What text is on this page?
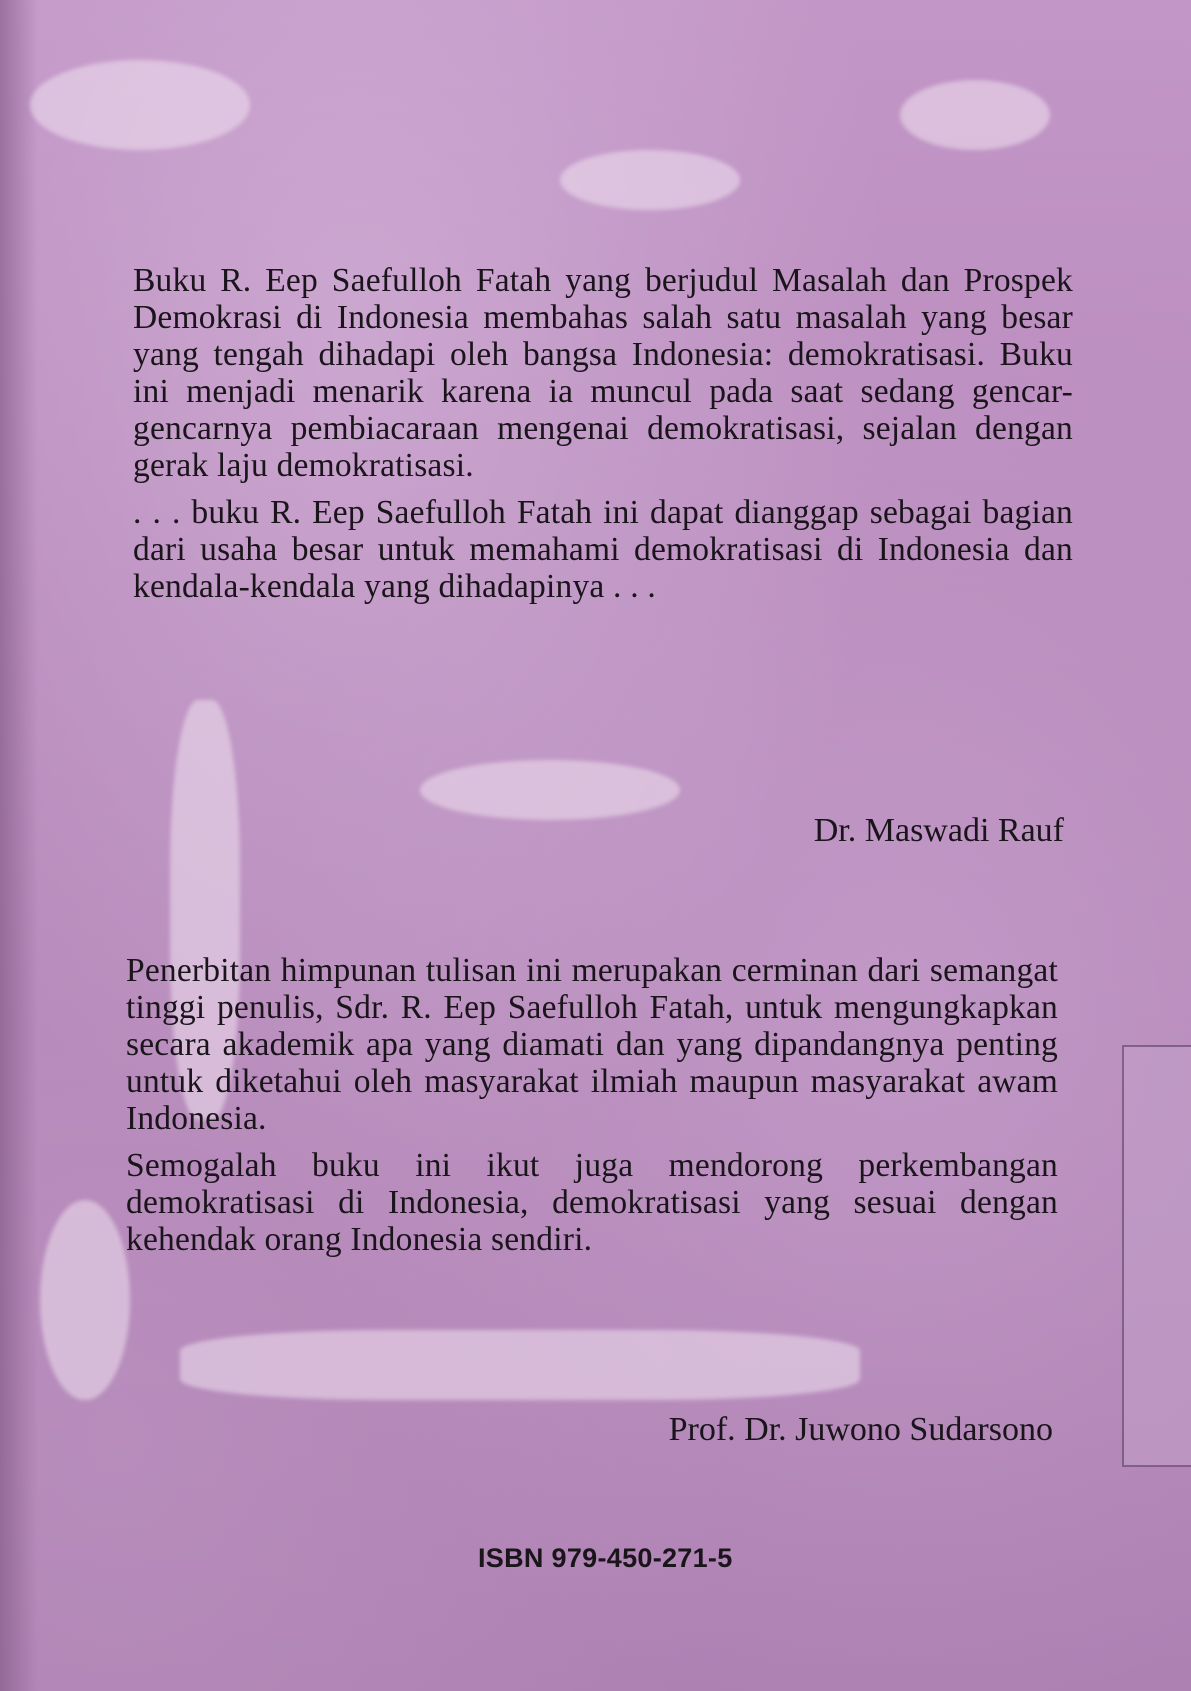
Buku R. Eep Saefulloh Fatah yang berjudul Masalah dan Prospek Demokrasi di Indonesia membahas salah satu masalah yang besar yang tengah dihadapi oleh bangsa Indonesia: demokratisasi. Buku ini menjadi menarik karena ia muncul pada saat sedang gencar-gencarnya pembiacaraan mengenai demokratisasi, sejalan dengan gerak laju demokratisasi.

. . . buku R. Eep Saefulloh Fatah ini dapat dianggap sebagai bagian dari usaha besar untuk memahami demokratisasi di Indonesia dan kendala-kendala yang dihadapinya . . .

Dr. Maswadi Rauf

Penerbitan himpunan tulisan ini merupakan cerminan dari semangat tinggi penulis, Sdr. R. Eep Saefulloh Fatah, untuk mengungkapkan secara akademik apa yang diamati dan yang dipandangnya penting untuk diketahui oleh masyarakat ilmiah maupun masyarakat awam Indonesia.

Semogalah buku ini ikut juga mendorong perkembangan demokratisasi di Indonesia, demokratisasi yang sesuai dengan kehendak orang Indonesia sendiri.

Prof. Dr. Juwono Sudarsono
ISBN 979-450-271-5
